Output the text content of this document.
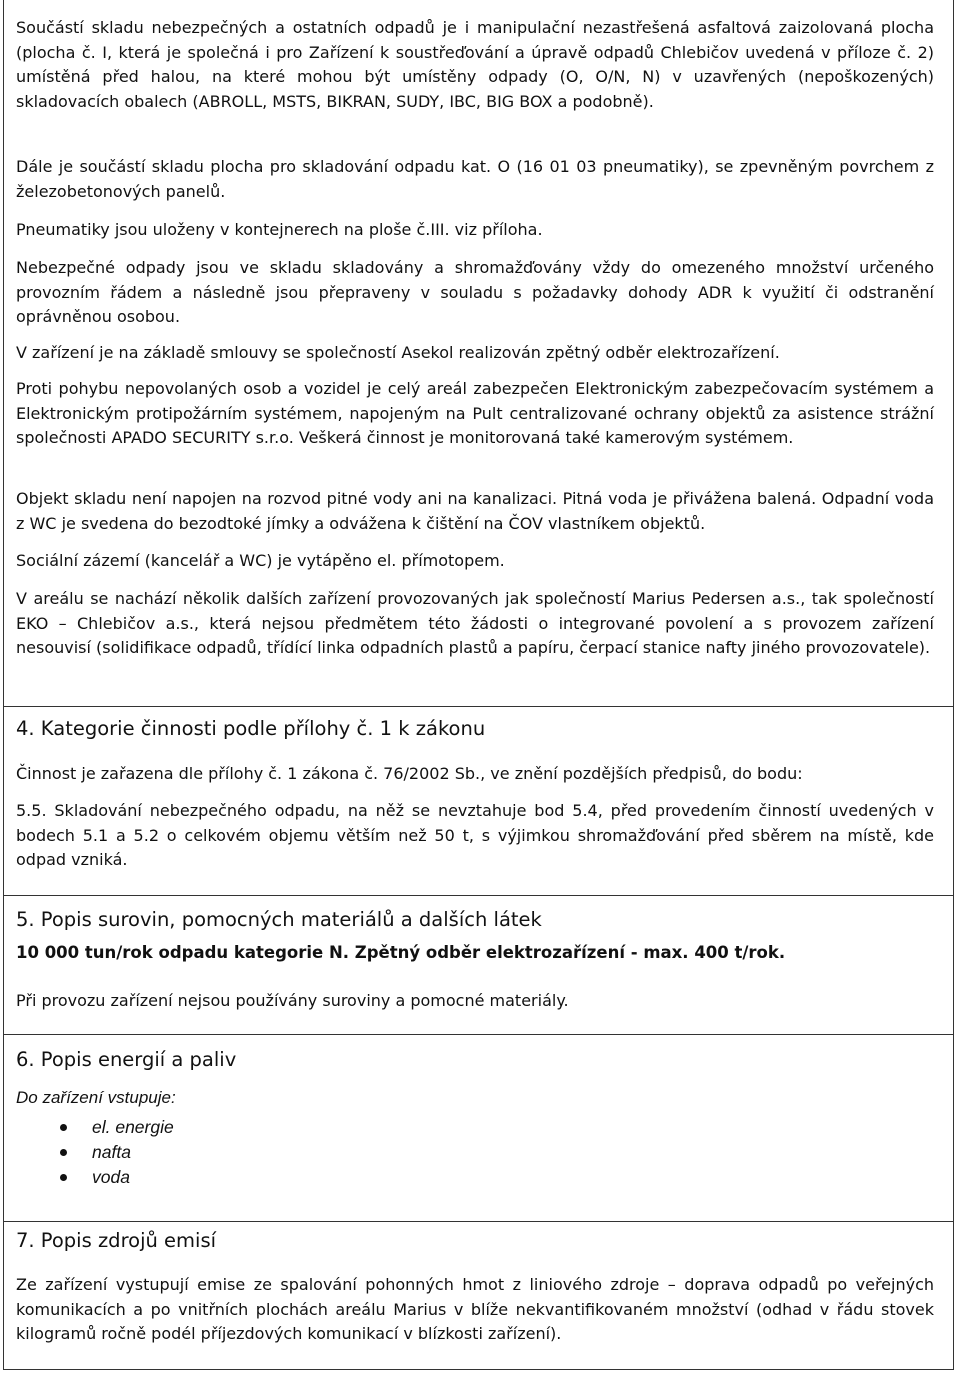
Součástí skladu nebezpečných a ostatních odpadů je i manipulační nezastřešená asfaltová zaizolovaná plocha (plocha č. I, která je společná i pro Zařízení k soustřeďování a úpravě odpadů Chlebičov uvedená v příloze č. 2) umístěná před halou, na které mohou být umístěny odpady (O, O/N, N) v uzavřených (nepoškozených) skladovacích obalech (ABROLL, MSTS, BIKRAN, SUDY, IBC, BIG BOX a podobně).

Dále je součástí skladu plocha pro skladování odpadu kat. O (16 01 03 pneumatiky), se zpevněným povrchem z železobetonových panelů.

Pneumatiky jsou uloženy v kontejnerech na ploše č.III. viz příloha.

Nebezpečné odpady jsou ve skladu skladovány a shromažďovány vždy do omezeného množství určeného provozním řádem a následně jsou přepraveny v souladu s požadavky dohody ADR k využití či odstranění oprávněnou osobou.

V zařízení je na základě smlouvy se společností Asekol realizován zpětný odběr elektrozařízení.

Proti pohybu nepovolaných osob a vozidel je celý areál zabezpečen Elektronickým zabezpečovacím systémem a Elektronickým protipožárním systémem, napojeným na Pult centralizované ochrany objektů za asistence strážní společnosti APADO SECURITY s.r.o. Veškerá činnost je monitorovaná také kamerovým systémem.

Objekt skladu není napojen na rozvod pitné vody ani na kanalizaci. Pitná voda je přivážena balená. Odpadní voda z WC je svedena do bezodtoké jímky a odvážena k čištění na ČOV vlastníkem objektů.

Sociální zázemí (kancelář a WC) je vytápěno el. přímotopem.

V areálu se nachází několik dalších zařízení provozovaných jak společností Marius Pedersen a.s., tak společností EKO – Chlebičov a.s., která nejsou předmětem této žádosti o integrované povolení a s provozem zařízení nesouvisí (solidifikace odpadů, třídící linka odpadních plastů a papíru, čerpací stanice nafty jiného provozovatele).

4. Kategorie činnosti podle přílohy č. 1 k zákonu

Činnost je zařazena dle přílohy č. 1 zákona č. 76/2002 Sb., ve znění pozdějších předpisů, do bodu:

5.5. Skladování nebezpečného odpadu, na něž se nevztahuje bod 5.4, před provedením činností uvedených v bodech 5.1 a 5.2 o celkovém objemu větším než 50 t, s výjimkou shromažďování před sběrem na místě, kde odpad vzniká.

5. Popis surovin, pomocných materiálů a dalších látek

10 000 tun/rok odpadu kategorie N. Zpětný odběr elektrozařízení - max. 400 t/rok.

Při provozu zařízení nejsou používány suroviny a pomocné materiály.

6. Popis energií a paliv

Do zařízení vstupuje:

el. energie
nafta
voda
7. Popis zdrojů emisí

Ze zařízení vystupují emise ze spalování pohonných hmot z liniového zdroje – doprava odpadů po veřejných komunikacích a po vnitřních plochách areálu Marius v blíže nekvantifikovaném množství (odhad v řádu stovek kilogramů ročně podél příjezdových komunikací v blízkosti zařízení).
